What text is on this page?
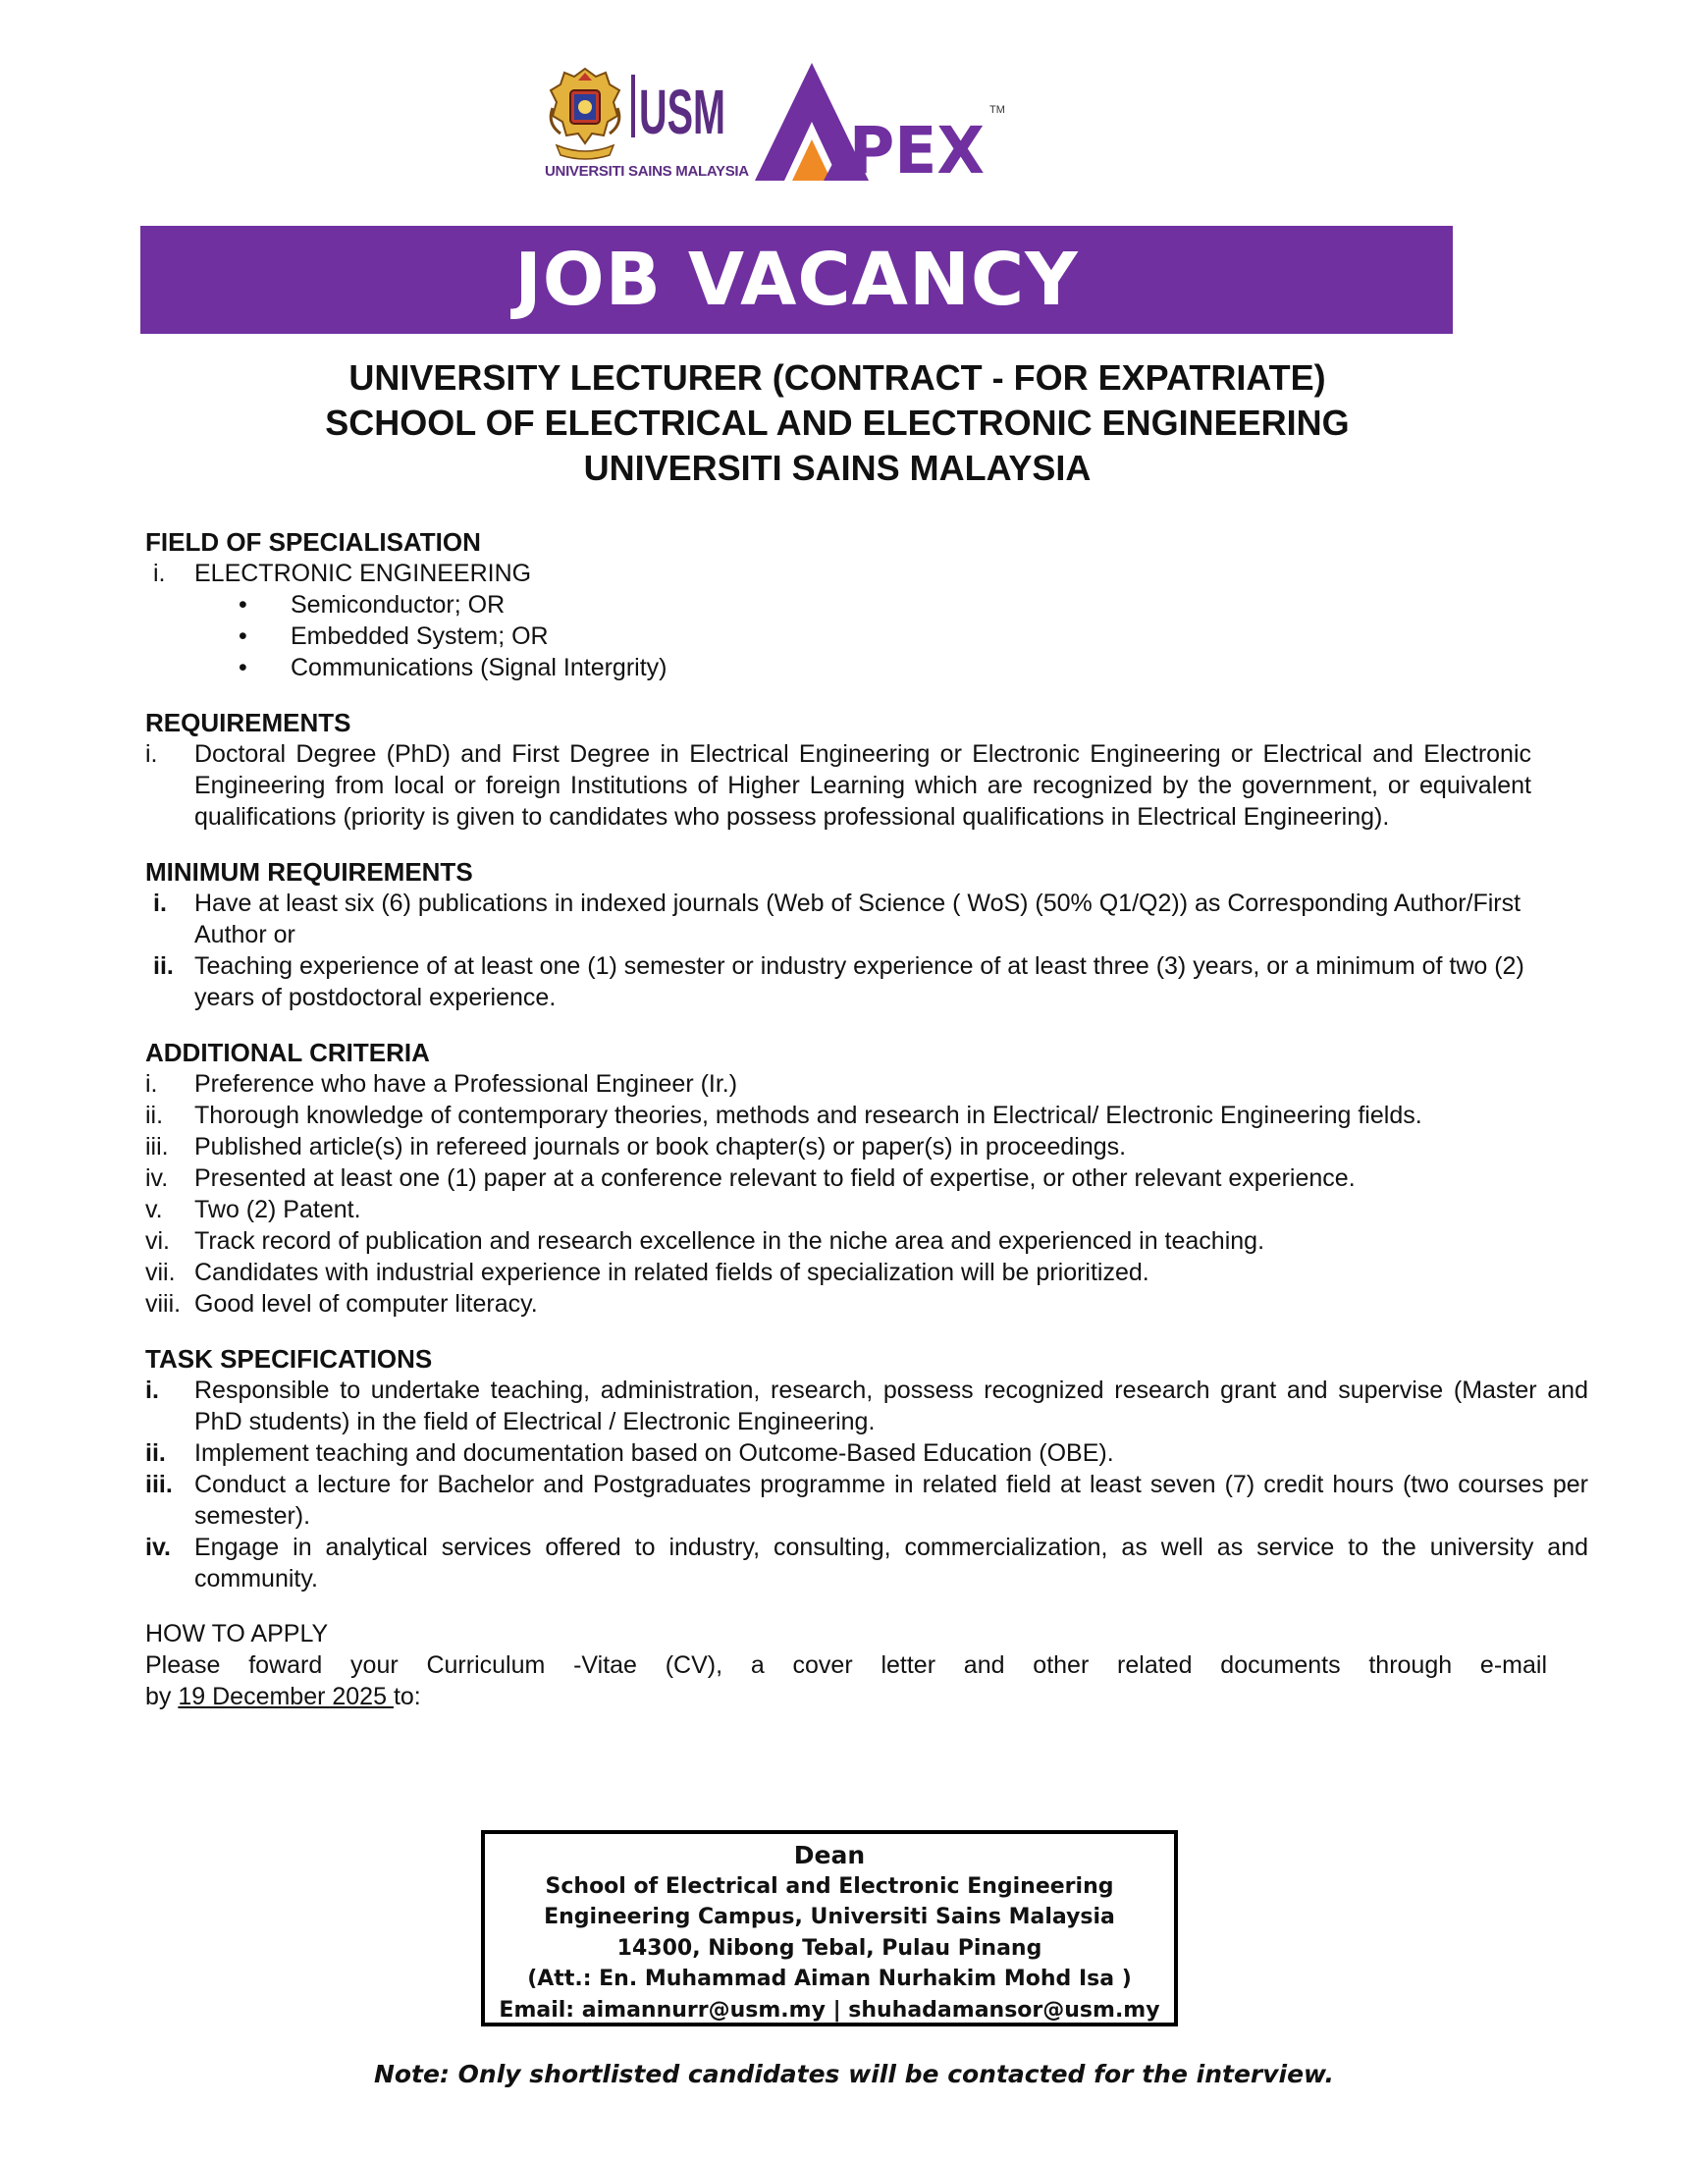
USM
UNIVERSITI SAINS MALAYSIA PEX
TM
JOB VACANCY
UNIVERSITY LECTURER (CONTRACT - FOR EXPATRIATE)
SCHOOL OF ELECTRICAL AND ELECTRONIC ENGINEERING
UNIVERSITI SAINS MALAYSIA
FIELD OF SPECIALISATION
i.	ELECTRONIC ENGINEERING
•	Semiconductor; OR
•	Embedded System; OR
•	Communications (Signal Intergrity)
REQUIREMENTS
i.	Doctoral Degree (PhD) and First Degree in Electrical Engineering or Electronic Engineering or Electrical and Electronic Engineering from local or foreign Institutions of Higher Learning which are recognized by the government, or equivalent qualifications (priority is given to candidates who possess professional qualifications in Electrical Engineering).
MINIMUM REQUIREMENTS
i.	Have at least six (6) publications in indexed journals (Web of Science ( WoS) (50% Q1/Q2)) as Corresponding Author/First Author or
ii. Teaching experience of at least one (1) semester or industry experience of at least three (3) years, or a minimum of two (2) years of postdoctoral experience.
ADDITIONAL CRITERIA
i.	Preference who have a Professional Engineer (Ir.)
ii.	Thorough knowledge of contemporary theories, methods and research in Electrical/ Electronic Engineering fields.
iii.	Published article(s) in refereed journals or book chapter(s) or paper(s) in proceedings.
iv.	Presented at least one (1) paper at a conference relevant to field of expertise, or other relevant experience.
v.	Two (2) Patent.
vi.	Track record of publication and research excellence in the niche area and experienced in teaching.
vii. Candidates with industrial experience in related fields of specialization will be prioritized.
viii. Good level of computer literacy.
TASK SPECIFICATIONS
i.	Responsible to undertake teaching, administration, research, possess recognized research grant and supervise (Master and PhD students) in the field of Electrical / Electronic Engineering.
ii.	Implement teaching and documentation based on Outcome-Based Education (OBE).
iii. Conduct a lecture for Bachelor and Postgraduates programme in related field at least seven (7) credit hours (two courses per semester).
iv. Engage in analytical services offered to industry, consulting, commercialization, as well as service to the university and community.
HOW TO APPLY
Please foward your Curriculum -Vitae (CV), a cover letter and other related documents through e-mail
by 19 December 2025 to:
Dean
School of Electrical and Electronic Engineering
Engineering Campus, Universiti Sains Malaysia
14300, Nibong Tebal, Pulau Pinang
(Att.: En. Muhammad Aiman Nurhakim Mohd Isa )
Email: aimannurr@usm.my | shuhadamansor@usm.my
Note: Only shortlisted candidates will be contacted for the interview.
